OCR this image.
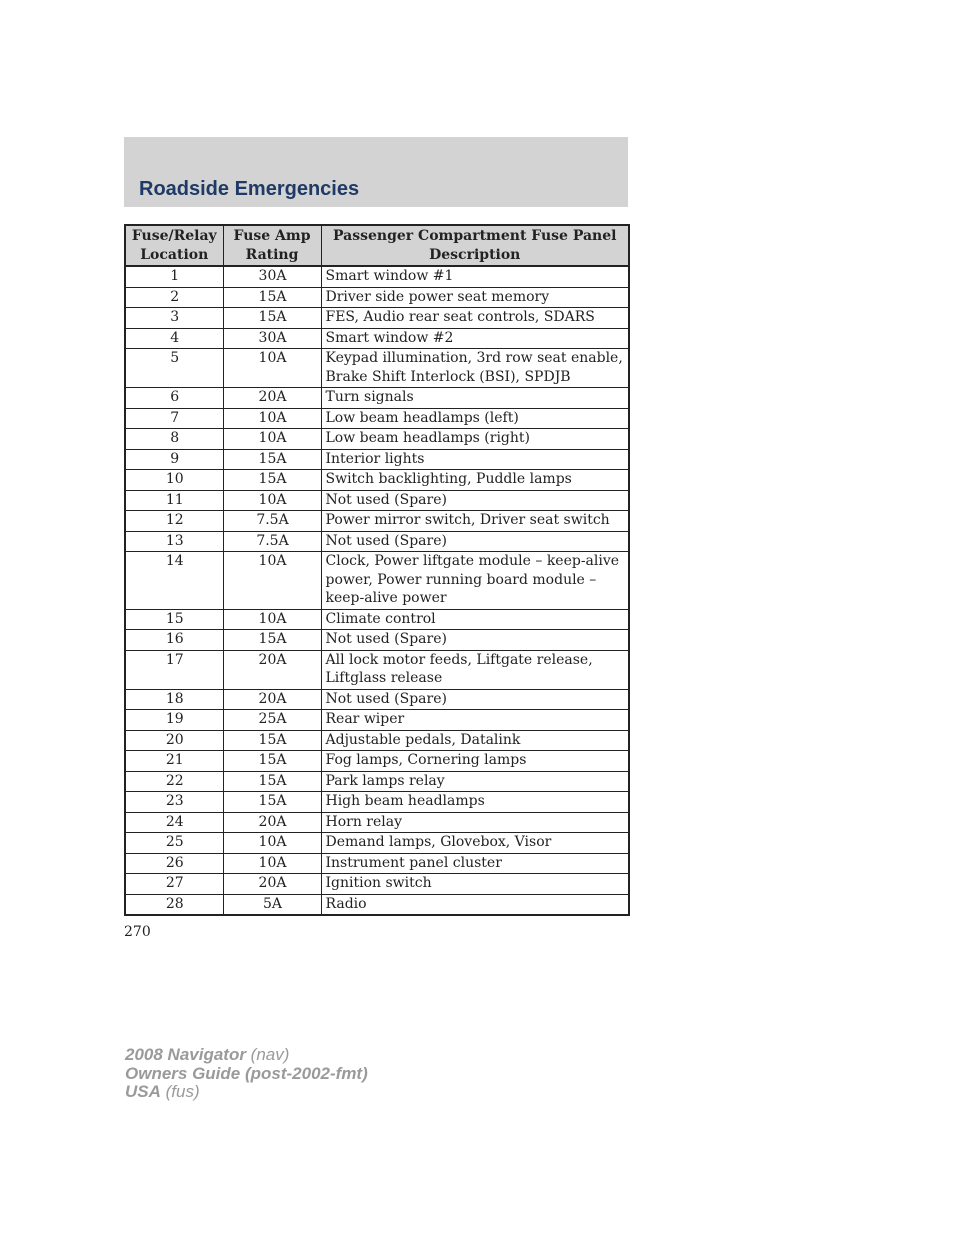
Roadside Emergencies
Fuse/Relay Location	Fuse Amp Rating	Passenger Compartment Fuse Panel Description
1	30A	Smart window #1
2	15A	Driver side power seat memory
3	15A	FES, Audio rear seat controls, SDARS
4	30A	Smart window #2
5	10A	Keypad illumination, 3rd row seat enable, Brake Shift Interlock (BSI), SPDJB
6	20A	Turn signals
7	10A	Low beam headlamps (left)
8	10A	Low beam headlamps (right)
9	15A	Interior lights
10	15A	Switch backlighting, Puddle lamps
11	10A	Not used (Spare)
12	7.5A	Power mirror switch, Driver seat switch
13	7.5A	Not used (Spare)
14	10A	Clock, Power liftgate module – keep-alive power, Power running board module – keep-alive power
15	10A	Climate control
16	15A	Not used (Spare)
17	20A	All lock motor feeds, Liftgate release, Liftglass release
18	20A	Not used (Spare)
19	25A	Rear wiper
20	15A	Adjustable pedals, Datalink
21	15A	Fog lamps, Cornering lamps
22	15A	Park lamps relay
23	15A	High beam headlamps
24	20A	Horn relay
25	10A	Demand lamps, Glovebox, Visor
26	10A	Instrument panel cluster
27	20A	Ignition switch
28	5A	Radio
270
2008 Navigator (nav)
Owners Guide (post-2002-fmt)
USA (fus)
